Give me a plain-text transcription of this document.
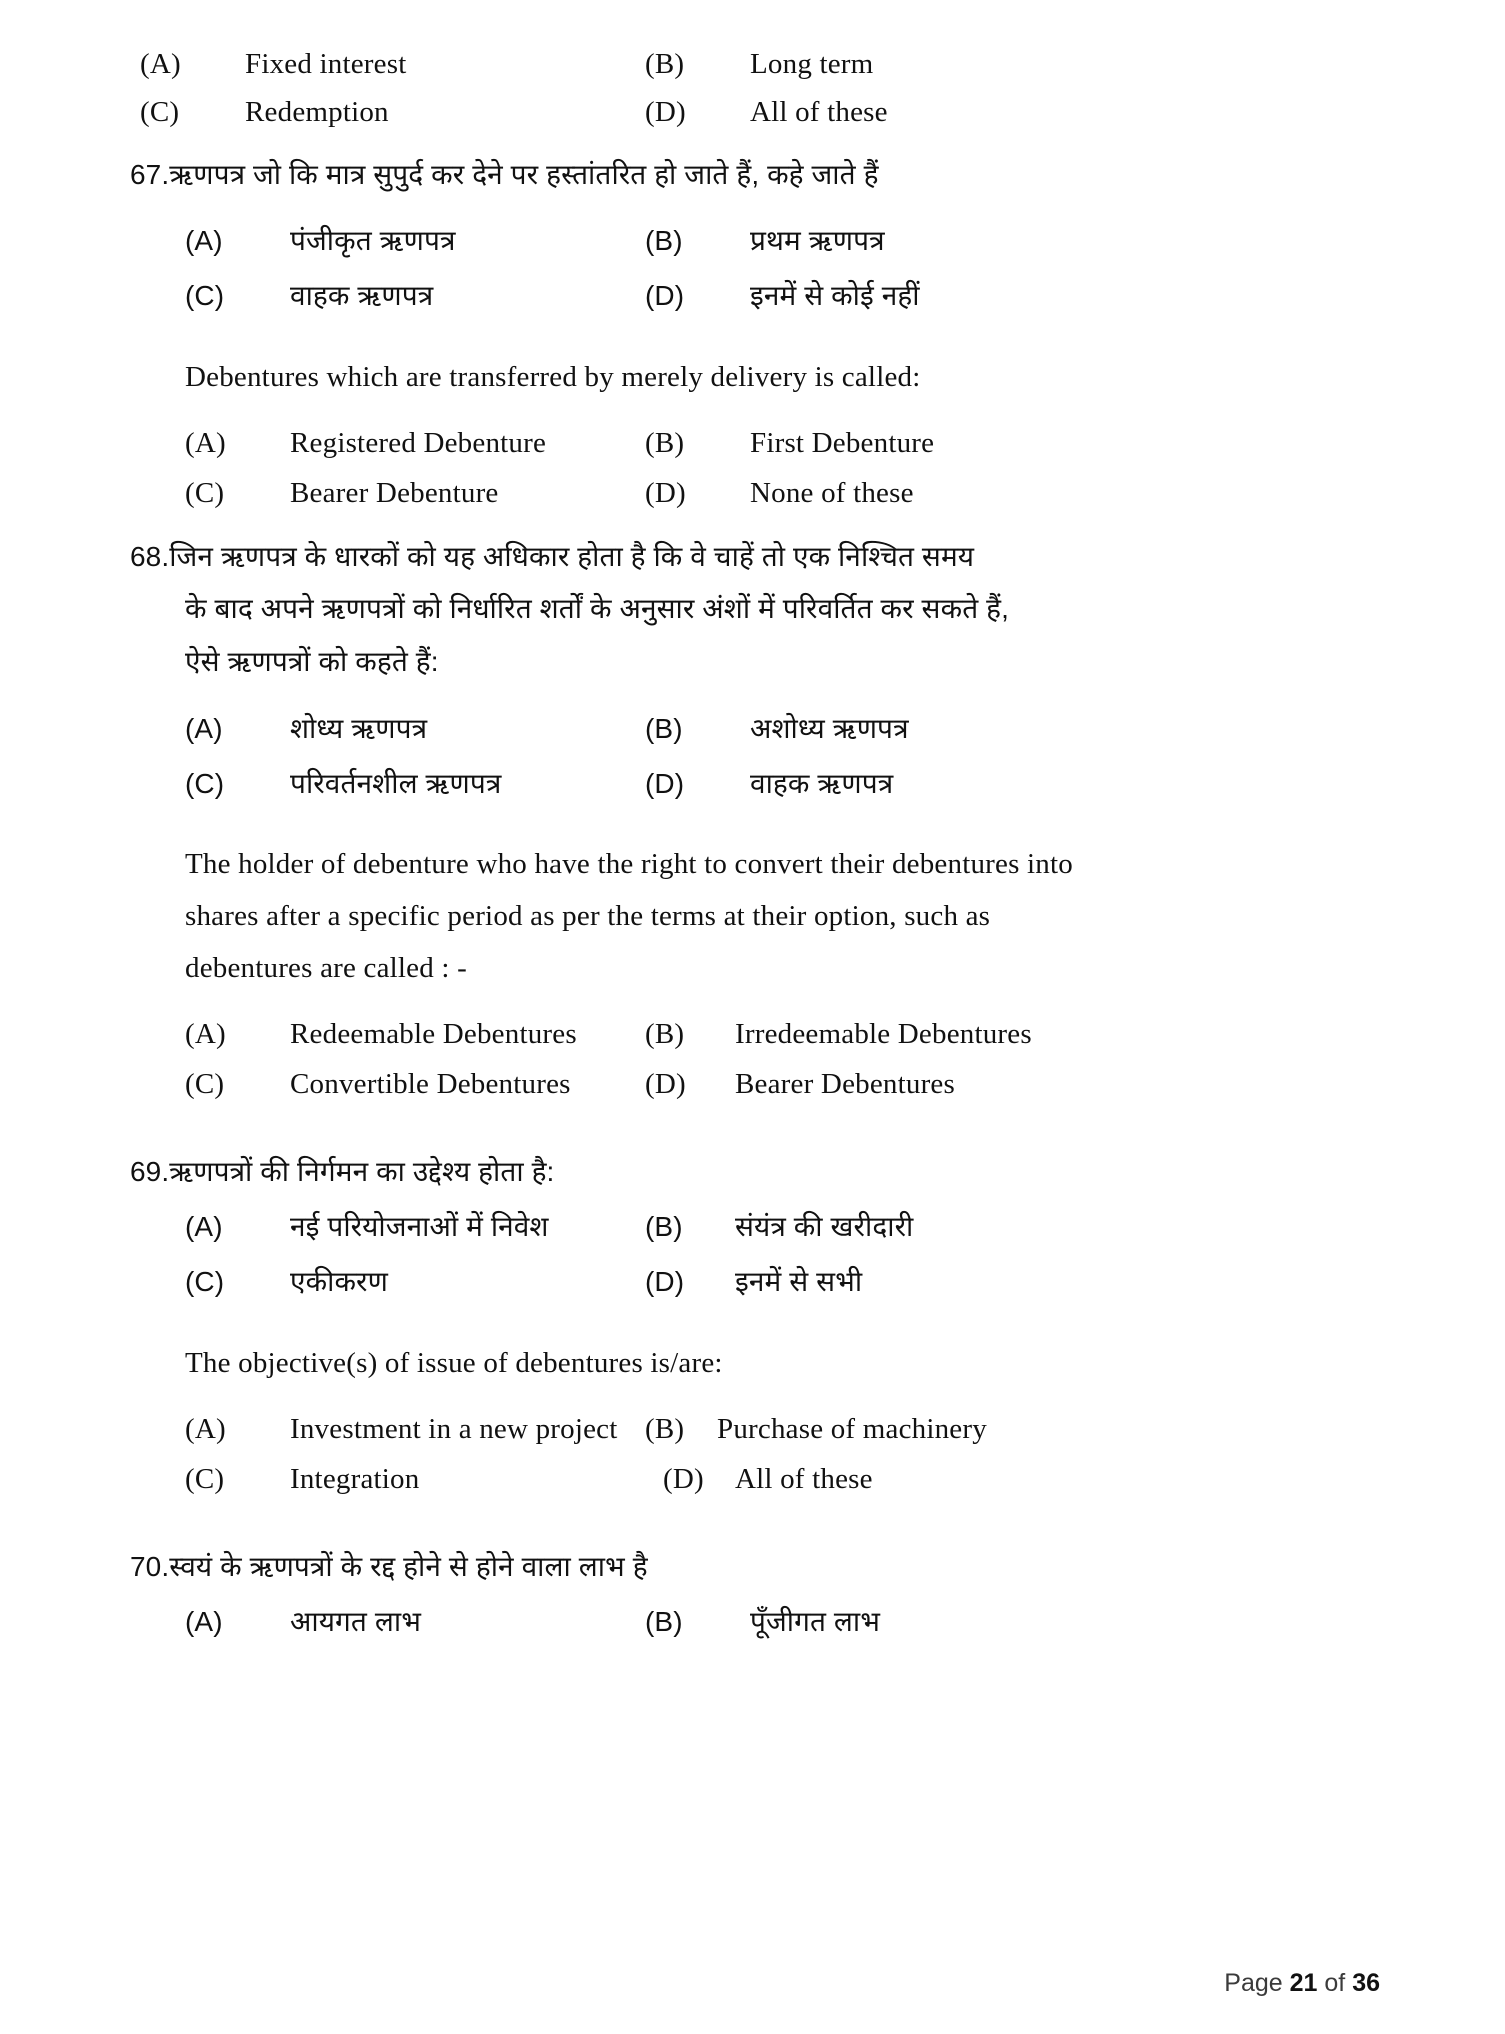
(A)	Fixed interest	(B)	Long term
(C)	Redemption	(D)	All of these
67. ऋणपत्र जो कि मात्र सुपुर्द कर देने पर हस्तांतरित हो जाते हैं, कहे जाते हैं
(A)	पंजीकृत ऋणपत्र	(B)	प्रथम ऋणपत्र
(C)	वाहक ऋणपत्र	(D)	इनमें से कोई नहीं
Debentures which are transferred by merely delivery is called:
(A)	Registered Debenture	(B)	First Debenture
(C)	Bearer Debenture	(D)	None of these
68. जिन ऋणपत्र के धारकों को यह अधिकार होता है कि वे चाहें तो एक निश्चित समय
के बाद अपने ऋणपत्रों को निर्धारित शर्तों के अनुसार अंशों में परिवर्तित कर सकते हैं,
ऐसे ऋणपत्रों को कहते हैं:
(A)	शोध्य ऋणपत्र	(B)	अशोध्य ऋणपत्र
(C)	परिवर्तनशील ऋणपत्र	(D)	वाहक ऋणपत्र
The holder of debenture who have the right to convert their debentures into
shares after a specific period as per the terms at their option, such as
debentures are called : -
(A)	Redeemable Debentures (B)	Irredeemable Debentures
(C)	Convertible Debentures	(D)	Bearer Debentures
69. ऋणपत्रों की निर्गमन का उद्देश्य होता है:
(A)	नई परियोजनाओं में निवेश	(B)	संयंत्र की खरीदारी
(C)	एकीकरण	(D)	इनमें से सभी
The objective(s) of issue of debentures is/are:
(A)	Investment in a new project (B)	Purchase of machinery
(C)	Integration	(D)	All of these
70. स्वयं के ऋणपत्रों के रद्द होने से होने वाला लाभ है
(A)	आयगत लाभ	(B)	पूँजीगत लाभ
Page 21 of 36
